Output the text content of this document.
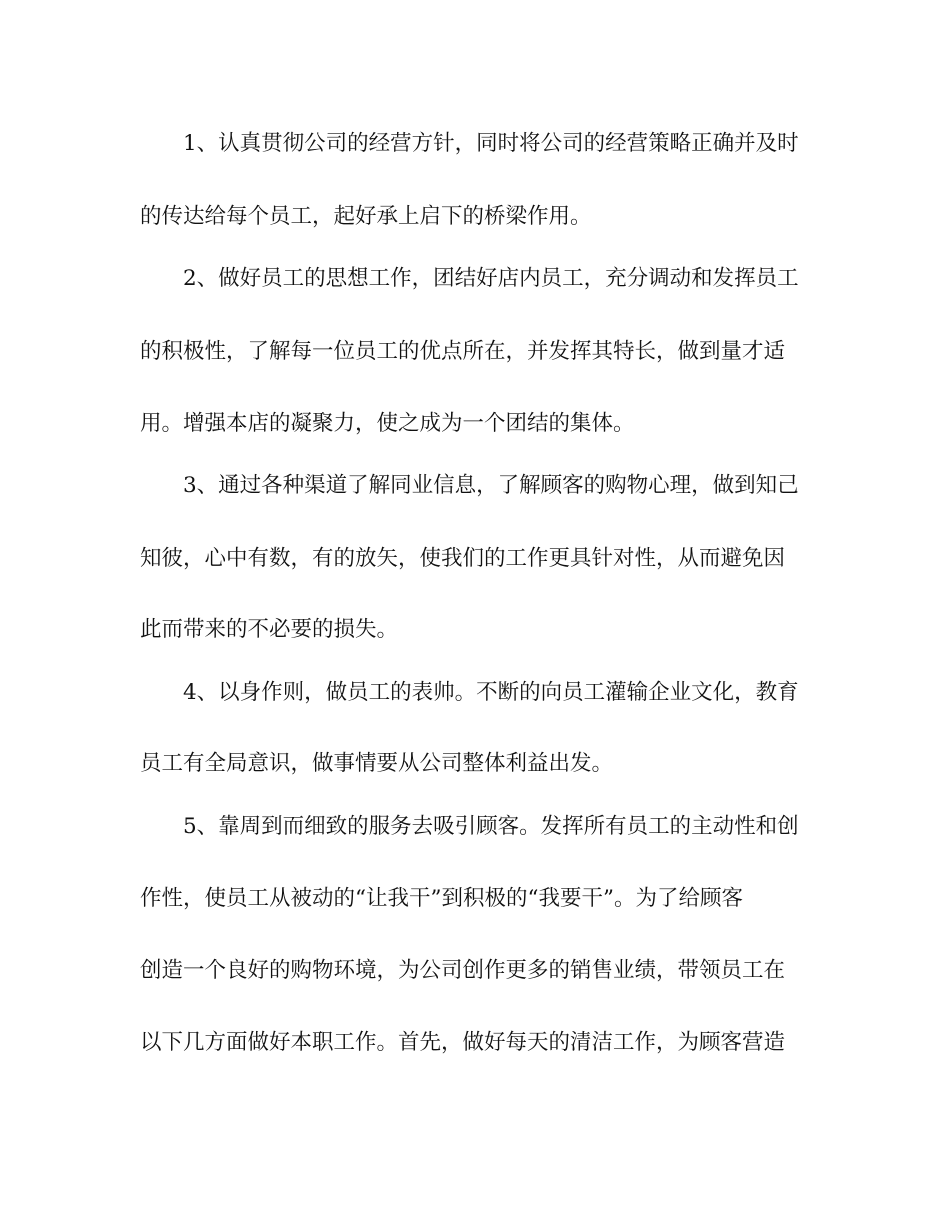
1、认真贯彻公司的经营方针，同时将公司的经营策略正确并及时
的传达给每个员工，起好承上启下的桥梁作用。
2、做好员工的思想工作，团结好店内员工，充分调动和发挥员工
的积极性，了解每一位员工的优点所在，并发挥其特长，做到量才适
用。增强本店的凝聚力，使之成为一个团结的集体。
3、通过各种渠道了解同业信息，了解顾客的购物心理，做到知己
知彼，心中有数，有的放矢，使我们的工作更具针对性，从而避免因
此而带来的不必要的损失。
4、以身作则，做员工的表帅。不断的向员工灌输企业文化，教育
员工有全局意识，做事情要从公司整体利益出发。
5、靠周到而细致的服务去吸引顾客。发挥所有员工的主动性和创
作性，使员工从被动的“让我干”到积极的“我要干”。为了给顾客
创造一个良好的购物环境，为公司创作更多的销售业绩，带领员工在
以下几方面做好本职工作。首先，做好每天的清洁工作，为顾客营造
